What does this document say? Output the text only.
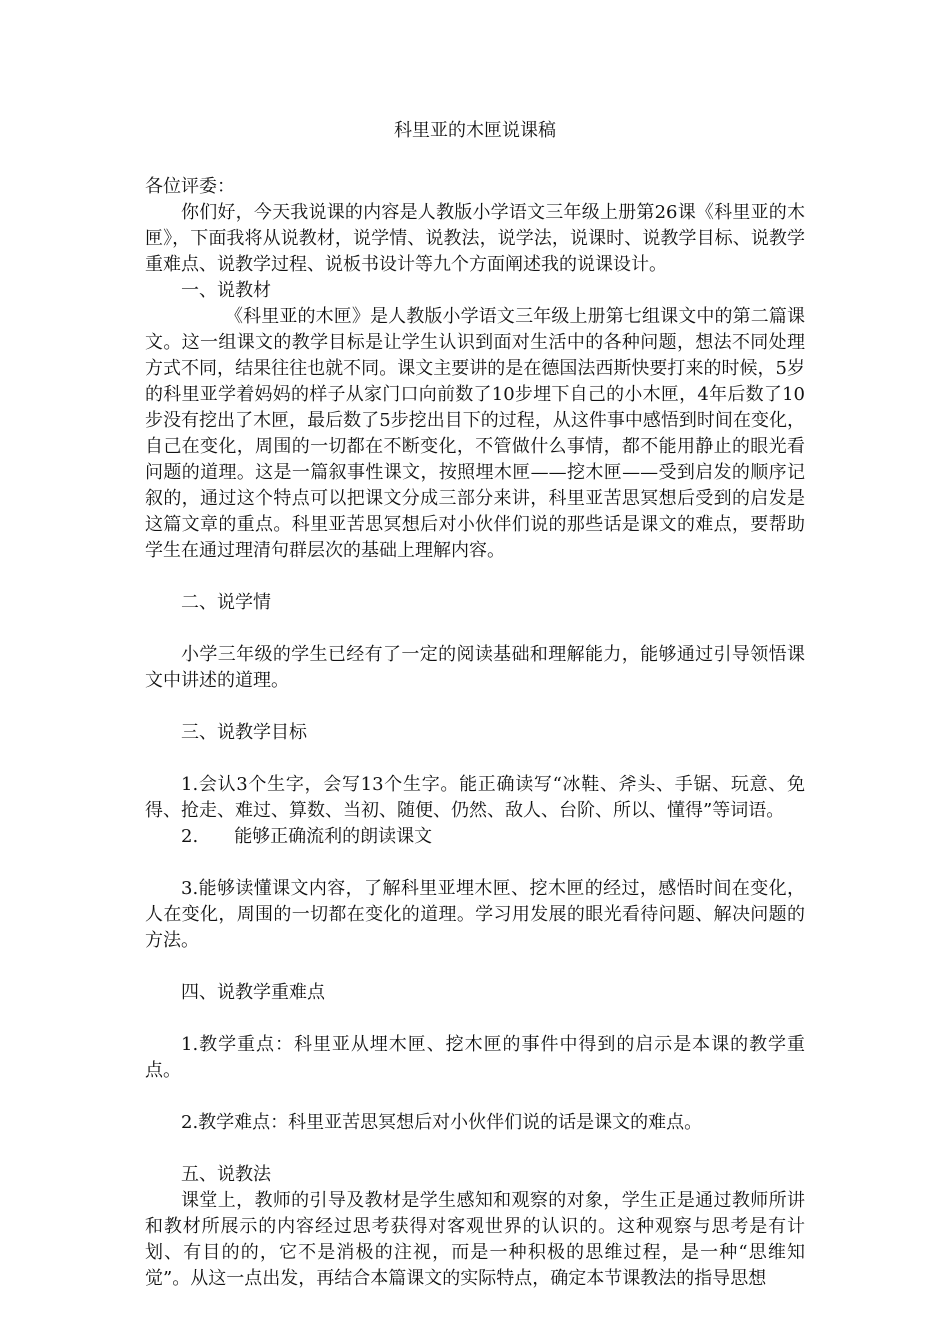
科里亚的木匣说课稿

各位评委：

你们好，今天我说课的内容是人教版小学语文三年级上册第26课《科里亚的木匣》，下面我将从说教材，说学情、说教法，说学法，说课时、说教学目标、说教学重难点、说教学过程、说板书设计等九个方面阐述我的说课设计。

一、说教材

《科里亚的木匣》是人教版小学语文三年级上册第七组课文中的第二篇课文。这一组课文的教学目标是让学生认识到面对生活中的各种问题，想法不同处理方式不同，结果往往也就不同。课文主要讲的是在德国法西斯快要打来的时候，5岁的科里亚学着妈妈的样子从家门口向前数了10步埋下自己的小木匣，4年后数了10步没有挖出了木匣，最后数了5步挖出目下的过程，从这件事中感悟到时间在变化，自己在变化，周围的一切都在不断变化，不管做什么事情，都不能用静止的眼光看问题的道理。这是一篇叙事性课文，按照埋木匣——挖木匣——受到启发的顺序记叙的，通过这个特点可以把课文分成三部分来讲，科里亚苦思冥想后受到的启发是这篇文章的重点。科里亚苦思冥想后对小伙伴们说的那些话是课文的难点，要帮助学生在通过理清句群层次的基础上理解内容。

二、说学情

小学三年级的学生已经有了一定的阅读基础和理解能力，能够通过引导领悟课文中讲述的道理。

三、说教学目标

1.会认3个生字，会写13个生字。能正确读写“冰鞋、斧头、手锯、玩意、免得、抢走、难过、算数、当初、随便、仍然、敌人、台阶、所以、懂得”等词语。

2. 能够正确流利的朗读课文

3.能够读懂课文内容，了解科里亚埋木匣、挖木匣的经过，感悟时间在变化，人在变化，周围的一切都在变化的道理。学习用发展的眼光看待问题、解决问题的方法。

四、说教学重难点

1.教学重点：科里亚从埋木匣、挖木匣的事件中得到的启示是本课的教学重点。

2.教学难点：科里亚苦思冥想后对小伙伴们说的话是课文的难点。

五、说教法

课堂上，教师的引导及教材是学生感知和观察的对象，学生正是通过教师所讲和教材所展示的内容经过思考获得对客观世界的认识的。这种观察与思考是有计划、有目的的，它不是消极的注视，而是一种积极的思维过程，是一种“思维知觉”。从这一点出发，再结合本篇课文的实际特点，确定本节课教法的指导思想
